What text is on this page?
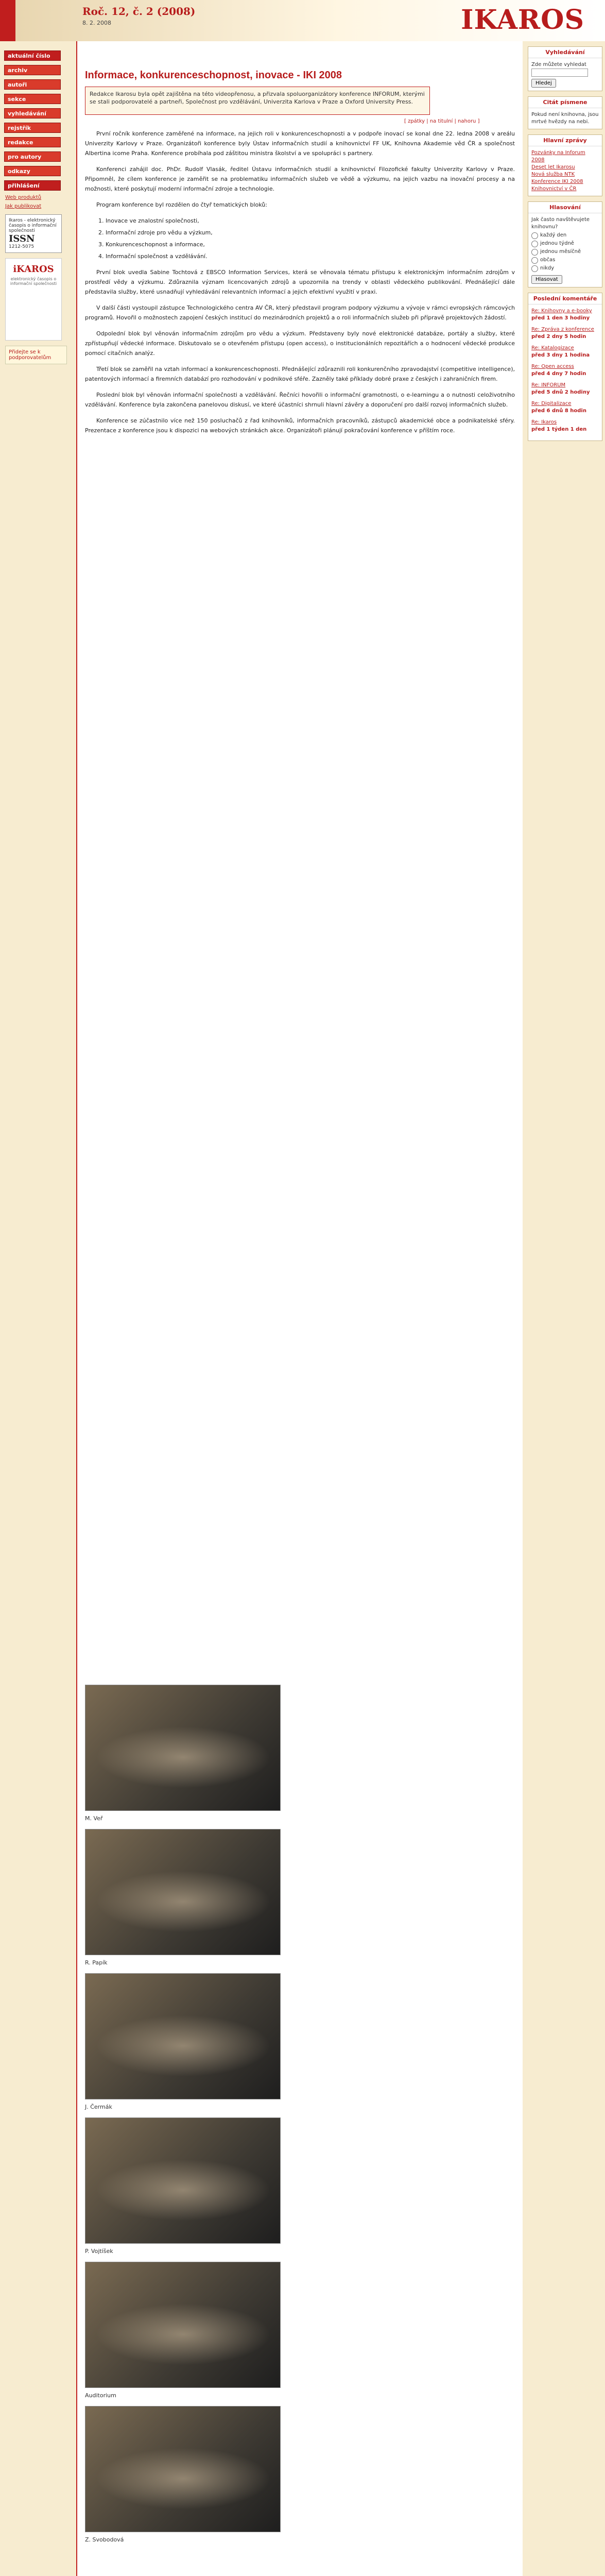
Roč. 12, č. 2 (2008)
8. 2. 2008	IKAROS
aktuální číslo
archiv
autoři
sekce
vyhledávání
rejstřík
redakce
pro autory
odkazy
přihlášení
Web produktů
Jak publikovat
Ikaros - elektronický časopis o informační společnosti
ISSN
1212-5075
iKAROS
elektronický časopis o informační společnosti
Přidejte se k podporovatelům
Informace, konkurenceschopnost, inovace - IKI 2008
Redakce Ikarosu byla opět zajištěna na této videopřenosu, a přizvala spoluorganizátory konference INFORUM, kterými se stali podporovatelé a partneři, Společnost pro vzdělávání, Univerzita Karlova v Praze a Oxford University Press.
[ zpátky | na titulní | nahoru ]

První ročník konference zaměřené na informace, na jejich roli v konkurenceschopnosti a v podpoře inovací se konal dne 22. ledna 2008 v areálu Univerzity Karlovy v Praze. Organizátoři konference byly Ústav informačních studií a knihovnictví FF UK, Knihovna Akademie věd ČR a společnost Albertina icome Praha. Konference probíhala pod záštitou ministra školství a ve spolupráci s partnery.

Konferenci zahájil doc. PhDr. Rudolf Vlasák, ředitel Ústavu informačních studií a knihovnictví Filozofické fakulty Univerzity Karlovy v Praze. Připomněl, že cílem konference je zaměřit se na problematiku informačních služeb ve vědě a výzkumu, na jejich vazbu na inovační procesy a na možnosti, které poskytují moderní informační zdroje a technologie.

Program konference byl rozdělen do čtyř tematických bloků:

1. Inovace ve znalostní společnosti,
2. Informační zdroje pro vědu a výzkum,
3. Konkurenceschopnost a informace,
4. Informační společnost a vzdělávání.

První blok uvedla Sabine Tochtová z EBSCO Information Services, která se věnovala tématu přístupu k elektronickým informačním zdrojům v prostředí vědy a výzkumu. Zdůraznila význam licencovaných zdrojů a upozornila na trendy v oblasti vědeckého publikování. Přednášející dále představila služby, které usnadňují vyhledávání relevantních informací a jejich efektivní využití v praxi.

V další části vystoupil zástupce Technologického centra AV ČR, který představil program podpory výzkumu a vývoje v rámci evropských rámcových programů. Hovořil o možnostech zapojení českých institucí do mezinárodních projektů a o roli informačních služeb při přípravě projektových žádostí.

Odpolední blok byl věnován informačním zdrojům pro vědu a výzkum. Představeny byly nové elektronické databáze, portály a služby, které zpřístupňují vědecké informace. Diskutovalo se o otevřeném přístupu (open access), o institucionálních repozitářích a o hodnocení vědecké produkce pomocí citačních analýz.

Třetí blok se zaměřil na vztah informací a konkurenceschopnosti. Přednášející zdůraznili roli konkurenčního zpravodajství (competitive intelligence), patentových informací a firemních databází pro rozhodování v podnikové sféře. Zazněly také příklady dobré praxe z českých i zahraničních firem.

Poslední blok byl věnován informační společnosti a vzdělávání. Řečníci hovořili o informační gramotnosti, o e-learningu a o nutnosti celoživotního vzdělávání. Konference byla zakončena panelovou diskusí, ve které účastníci shrnuli hlavní závěry a doporučení pro další rozvoj informačních služeb.

Konference se zúčastnilo více než 150 posluchačů z řad knihovníků, informačních pracovníků, zástupců akademické obce a podnikatelské sféry. Prezentace z konference jsou k dispozici na webových stránkách akce. Organizátoři plánují pokračování konference v příštím roce.

M. Veř
R. Papík
J. Čermák
P. Vojtíšek
Auditorium
Z. Svobodová

Vyhledávání
Zde můžete vyhledat
Hledej
Citát písmene
Pokud není knihovna, jsou mrtvé hvězdy na nebi.
Hlavní zprávy
Pozvánky na Inforum 2008
Deset let Ikarosu
Nová služba NTK
Konference IKI 2008
Knihovnictví v ČR
Hlasování
Jak často navštěvujete knihovnu?
každý den
jednou týdně
jednou měsíčně
občas
nikdy
Hlasovat
Poslední komentáře
Re: Knihovny a e-booky
před 1 den 3 hodiny
Re: Zpráva z konference
před 2 dny 5 hodin
Re: Katalogizace
před 3 dny 1 hodina
Re: Open access
před 4 dny 7 hodin
Re: INFORUM
před 5 dnů 2 hodiny
Re: Digitalizace
před 6 dnů 8 hodin
Re: Ikaros
před 1 týden 1 den
